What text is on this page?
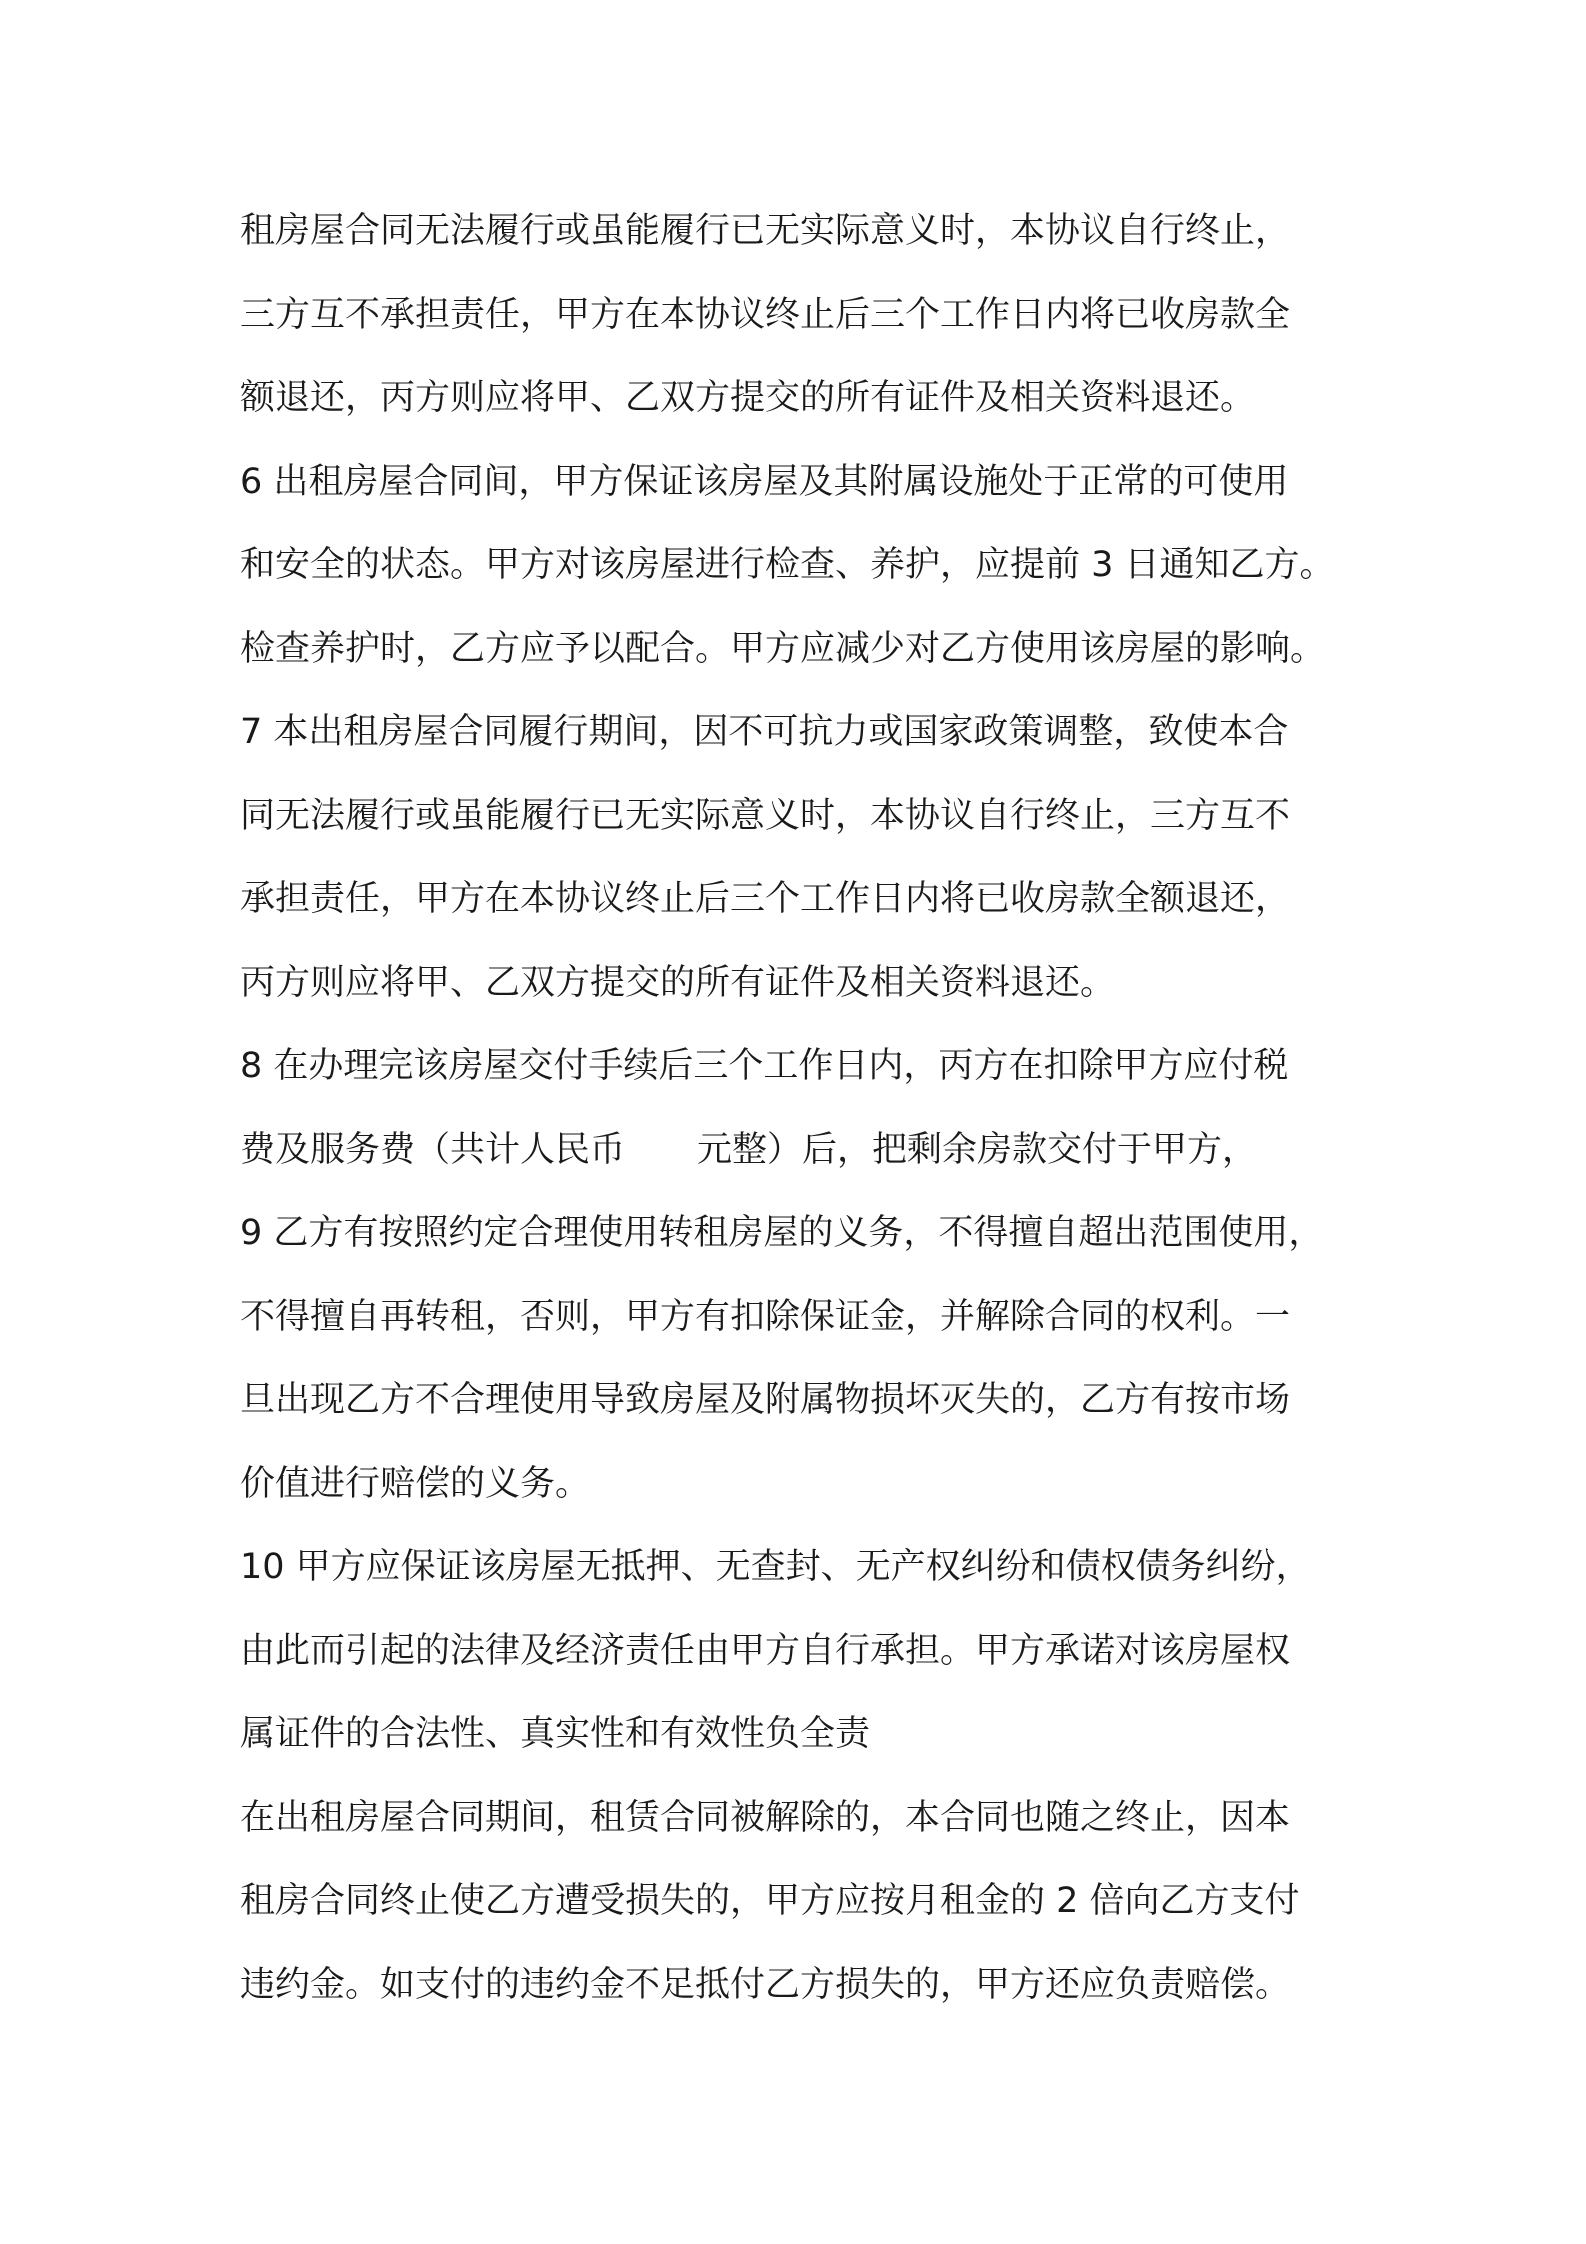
租房屋合同无法履行或虽能履行已无实际意义时，本协议自行终止，
三方互不承担责任，甲方在本协议终止后三个工作日内将已收房款全
额退还，丙方则应将甲、乙双方提交的所有证件及相关资料退还。
6 出租房屋合同间，甲方保证该房屋及其附属设施处于正常的可使用
和安全的状态。甲方对该房屋进行检查、养护，应提前 3 日通知乙方。
检查养护时，乙方应予以配合。甲方应减少对乙方使用该房屋的影响。
7 本出租房屋合同履行期间，因不可抗力或国家政策调整，致使本合
同无法履行或虽能履行已无实际意义时，本协议自行终止，三方互不
承担责任，甲方在本协议终止后三个工作日内将已收房款全额退还，
丙方则应将甲、乙双方提交的所有证件及相关资料退还。
8 在办理完该房屋交付手续后三个工作日内，丙方在扣除甲方应付税
费及服务费（共计人民币 元整）后，把剩余房款交付于甲方，
9 乙方有按照约定合理使用转租房屋的义务，不得擅自超出范围使用，
不得擅自再转租，否则，甲方有扣除保证金，并解除合同的权利。一
旦出现乙方不合理使用导致房屋及附属物损坏灭失的，乙方有按市场
价值进行赔偿的义务。
10 甲方应保证该房屋无抵押、无查封、无产权纠纷和债权债务纠纷，
由此而引起的法律及经济责任由甲方自行承担。甲方承诺对该房屋权
属证件的合法性、真实性和有效性负全责
在出租房屋合同期间，租赁合同被解除的，本合同也随之终止，因本
租房合同终止使乙方遭受损失的，甲方应按月租金的 2 倍向乙方支付
违约金。如支付的违约金不足抵付乙方损失的，甲方还应负责赔偿。
